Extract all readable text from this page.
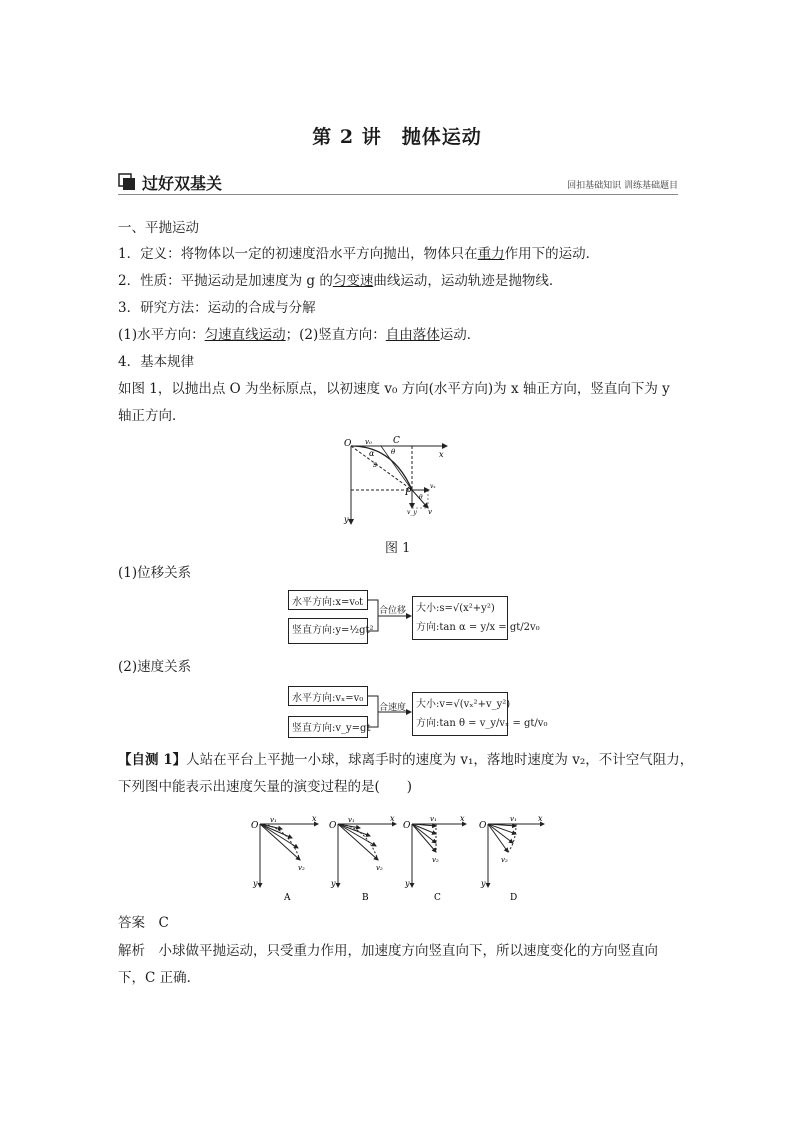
第 2 讲　抛体运动
过好双基关	回扣基础知识 训练基础题目
一、平抛运动
1．定义：将物体以一定的初速度沿水平方向抛出，物体只在重力作用下的运动．
2．性质：平抛运动是加速度为 g 的匀变速曲线运动，运动轨迹是抛物线．
3．研究方法：运动的合成与分解
(1)水平方向：匀速直线运动；(2)竖直方向：自由落体运动．
4．基本规律
如图 1，以抛出点 O 为坐标原点，以初速度 v₀ 方向(水平方向)为 x 轴正方向，竖直向下为 y
轴正方向．
O v₀ C
θ
α
s
x
y
P
vₓ
v_y v
θ
图 1
(1)位移关系
水平方向:x=v₀t
竖直方向:y=½gt²
合位移 大小:s=√(x²+y²)
方向:tan α = y/x = gt/2v₀
(2)速度关系
水平方向:vₓ=v₀
竖直方向:v_y=gt
合速度 大小:v=√(vₓ²+v_y²)
方向:tan θ = v_y/vₓ = gt/v₀
【自测 1】人站在平台上平抛一小球，球离手时的速度为 v₁，落地时速度为 v₂，不计空气阻力，
下列图中能表示出速度矢量的演变过程的是(　　)
O
x
y
v₁
v₂
A
O
x
y
v₁
v₂
B
O
x
y
v₁
v₂
C
O
x
y
v₁
v₂
D
答案　C
解析　小球做平抛运动，只受重力作用，加速度方向竖直向下，所以速度变化的方向竖直向
下，C 正确．
